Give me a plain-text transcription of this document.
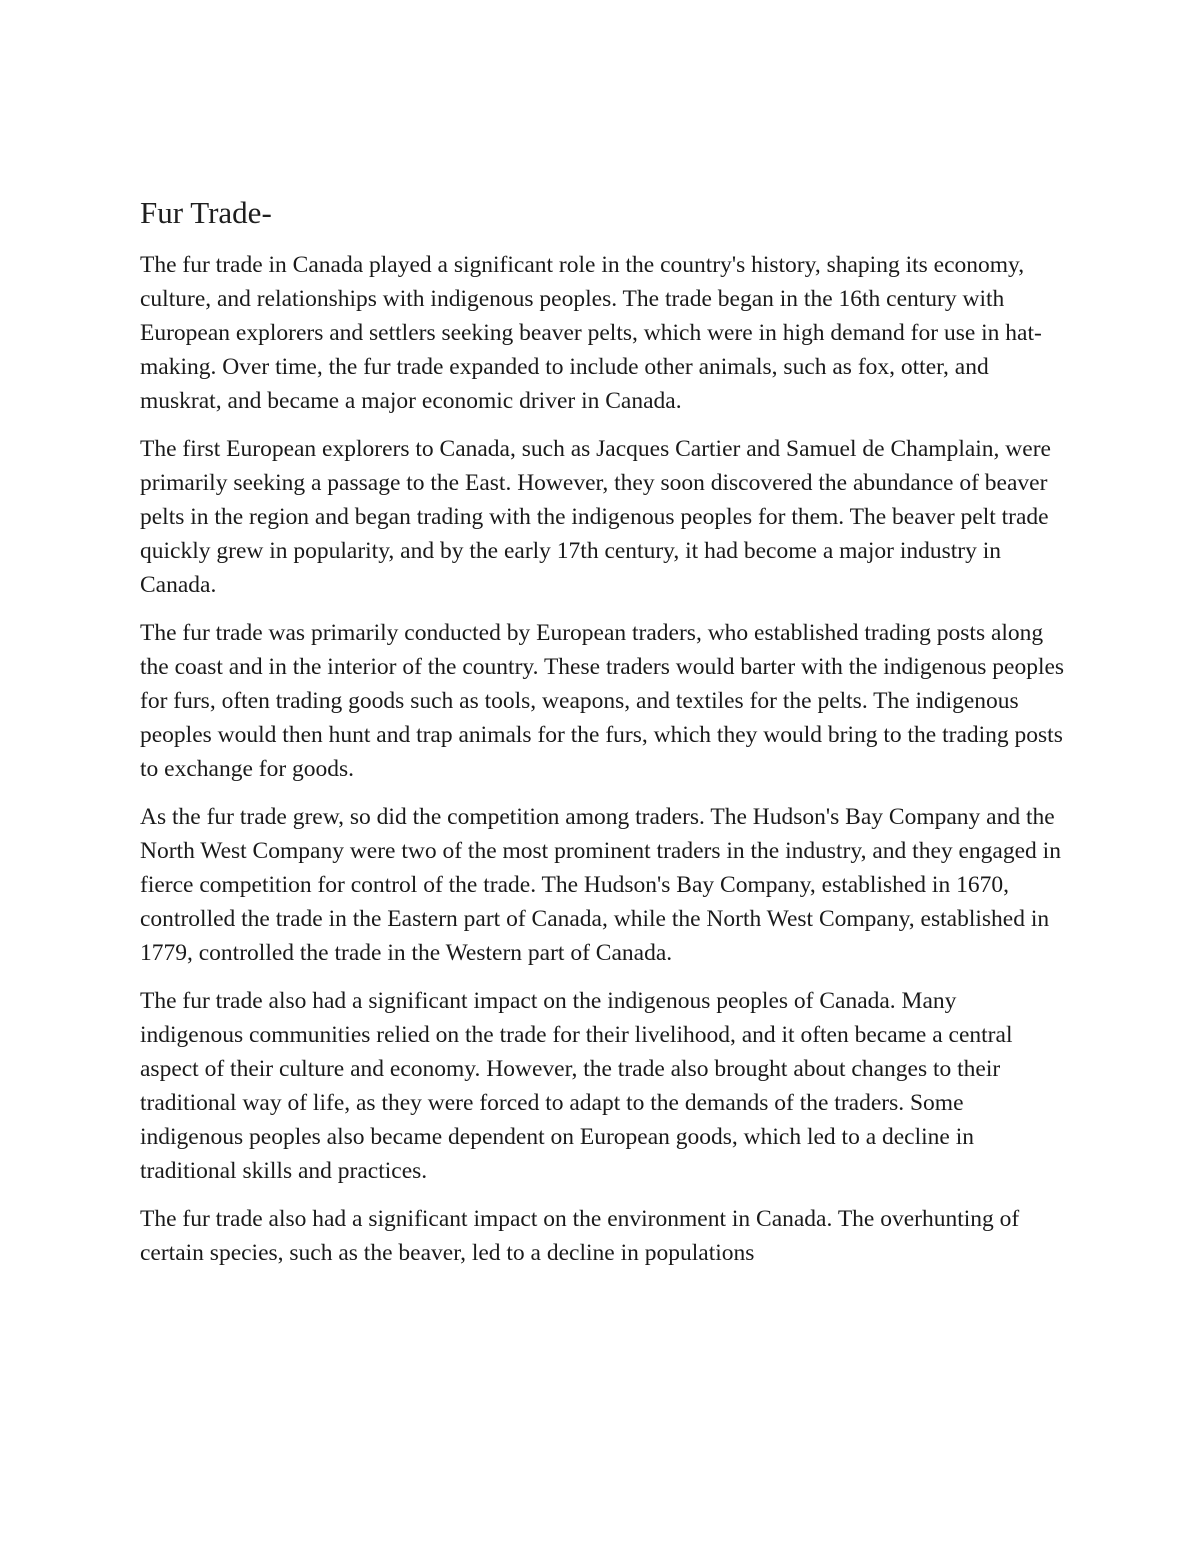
Fur Trade-

The fur trade in Canada played a significant role in the country's history, shaping its economy, culture, and relationships with indigenous peoples. The trade began in the 16th century with European explorers and settlers seeking beaver pelts, which were in high demand for use in hat-making. Over time, the fur trade expanded to include other animals, such as fox, otter, and muskrat, and became a major economic driver in Canada.

The first European explorers to Canada, such as Jacques Cartier and Samuel de Champlain, were primarily seeking a passage to the East. However, they soon discovered the abundance of beaver pelts in the region and began trading with the indigenous peoples for them. The beaver pelt trade quickly grew in popularity, and by the early 17th century, it had become a major industry in Canada.

The fur trade was primarily conducted by European traders, who established trading posts along the coast and in the interior of the country. These traders would barter with the indigenous peoples for furs, often trading goods such as tools, weapons, and textiles for the pelts. The indigenous peoples would then hunt and trap animals for the furs, which they would bring to the trading posts to exchange for goods.

As the fur trade grew, so did the competition among traders. The Hudson's Bay Company and the North West Company were two of the most prominent traders in the industry, and they engaged in fierce competition for control of the trade. The Hudson's Bay Company, established in 1670, controlled the trade in the Eastern part of Canada, while the North West Company, established in 1779, controlled the trade in the Western part of Canada.

The fur trade also had a significant impact on the indigenous peoples of Canada. Many indigenous communities relied on the trade for their livelihood, and it often became a central aspect of their culture and economy. However, the trade also brought about changes to their traditional way of life, as they were forced to adapt to the demands of the traders. Some indigenous peoples also became dependent on European goods, which led to a decline in traditional skills and practices.

The fur trade also had a significant impact on the environment in Canada. The overhunting of certain species, such as the beaver, led to a decline in populations
